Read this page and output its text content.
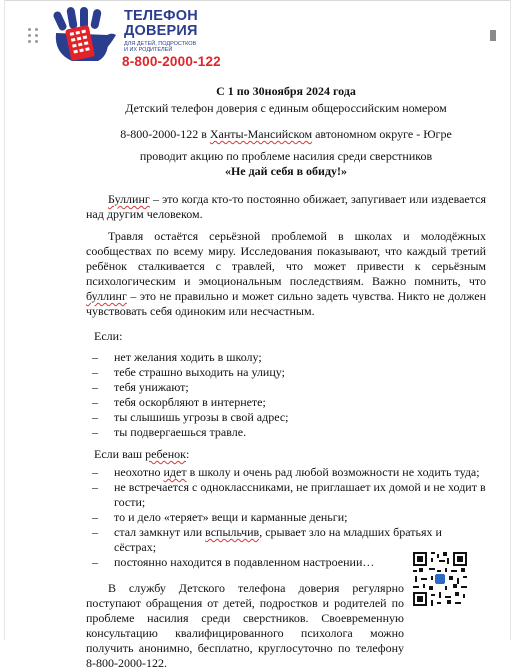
ТЕЛЕФОН
ДОВЕРИЯ
ДЛЯ ДЕТЕЙ, ПОДРОСТКОВ
И ИХ РОДИТЕЛЕЙ
8-800-2000-122
С 1 по 30ноября 2024 года
Детский телефон доверия с единым общероссийским номером
8-800-2000-122 в Ханты-Мансийском автономном округе - Югре
проводит акцию по проблеме насилия среди сверстников
«Не дай себя в обиду!»

Буллинг – это когда кто-то постоянно обижает, запугивает или издевается над другим человеком.

Травля остаётся серьёзной проблемой в школах и молодёжных сообществах по всему миру. Исследования показывают, что каждый третий ребёнок сталкивается с травлей, что может привести к серьёзным психологическим и эмоциональным последствиям. Важно помнить, что буллинг – это не правильно и может сильно задеть чувства. Никто не должен чувствовать себя одиноким или несчастным.

Если:
– нет желания ходить в школу;
– тебе страшно выходить на улицу;
– тебя унижают;
– тебя оскорбляют в интернете;
– ты слышишь угрозы в свой адрес;
– ты подвергаешься травле.
Если ваш ребенок:
– неохотно идет в школу и очень рад любой возможности не ходить туда;
– не встречается с одноклассниками, не приглашает их домой и не ходит в гости;
– то и дело «теряет» вещи и карманные деньги;
– стал замкнут или вспыльчив, срывает зло на младших братьях и сёстрах;
– постоянно находится в подавленном настроении…

В службу Детского телефона доверия регулярно поступают обращения от детей, подростков и родителей по проблеме насилия среди сверстников. Своевременную консультацию квалифицированного психолога можно получить анонимно, бесплатно, круглосуточно по телефону 8-800-2000-122.
